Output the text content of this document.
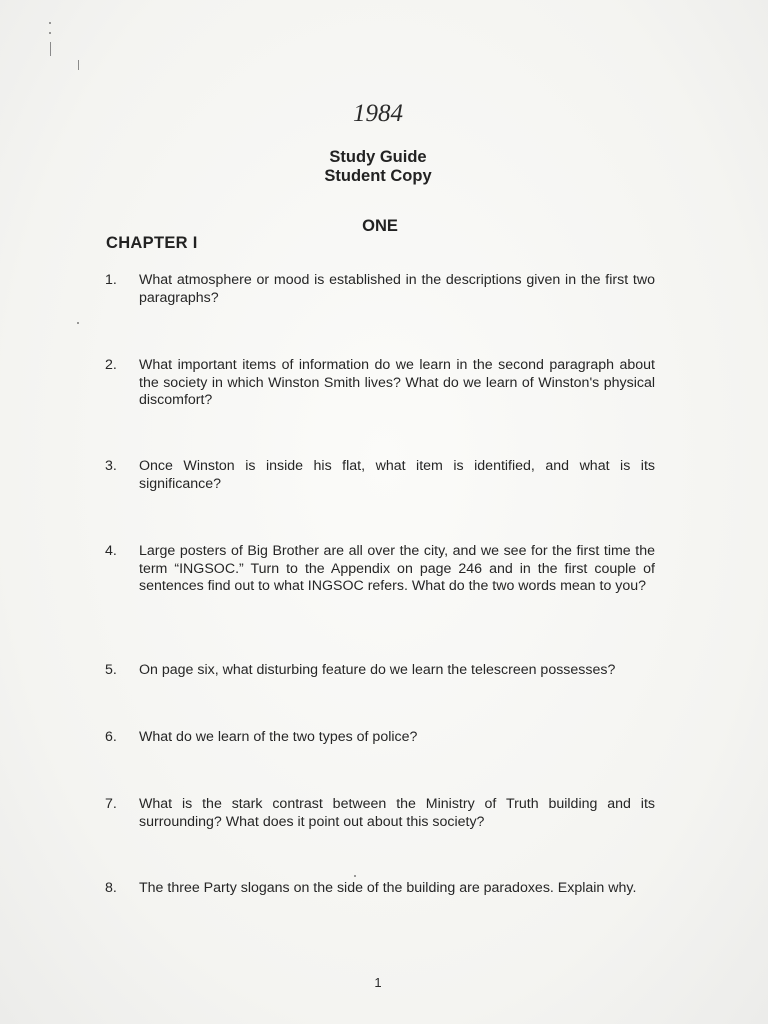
1984
Study Guide
Student Copy
ONE
CHAPTER I
1. What atmosphere or mood is established in the descriptions given in the first two paragraphs?
2. What important items of information do we learn in the second paragraph about the society in which Winston Smith lives? What do we learn of Winston's physical discomfort?
3. Once Winston is inside his flat, what item is identified, and what is its significance?
4. Large posters of Big Brother are all over the city, and we see for the first time the term “INGSOC.” Turn to the Appendix on page 246 and in the first couple of sentences find out to what INGSOC refers. What do the two words mean to you?
5. On page six, what disturbing feature do we learn the telescreen possesses?
6. What do we learn of the two types of police?
7. What is the stark contrast between the Ministry of Truth building and its surrounding? What does it point out about this society?
8. The three Party slogans on the side of the building are paradoxes. Explain why.
1
